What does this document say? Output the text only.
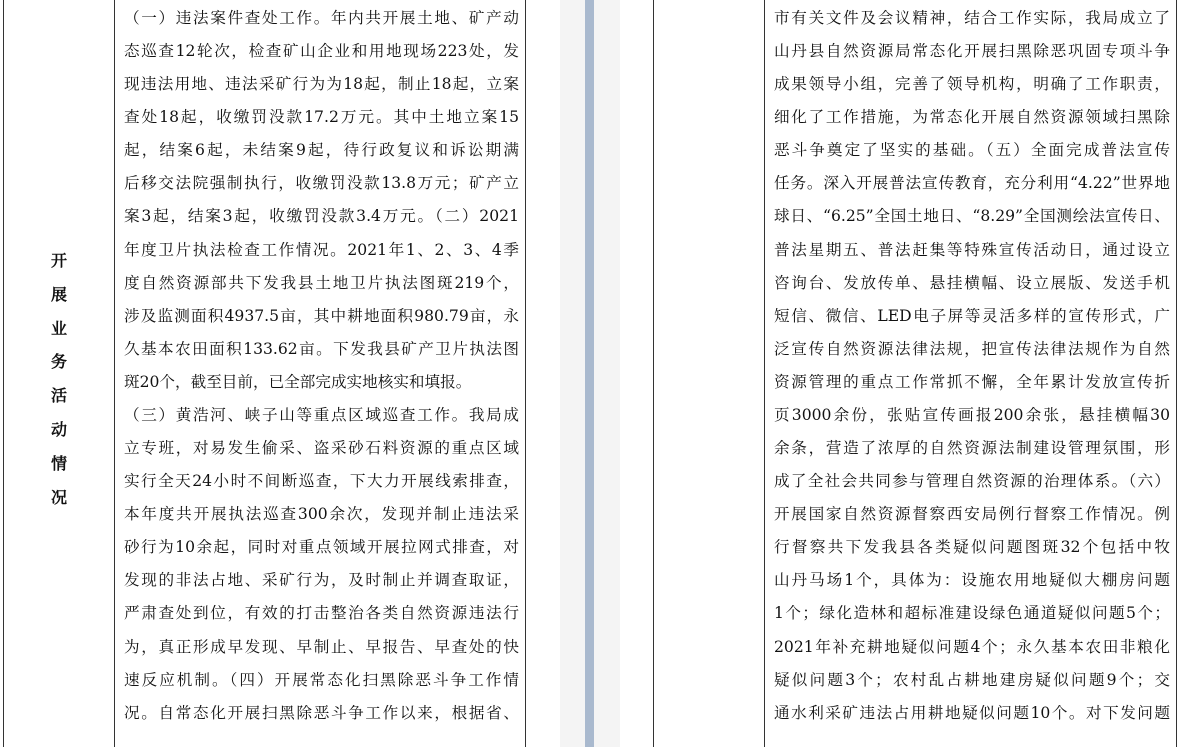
开
展
业
务
活
动
情
况
（一）违法案件查处工作。年内共开展土地、矿产动
态巡查12轮次，检查矿山企业和用地现场223处，发
现违法用地、违法采矿行为为18起，制止18起，立案
查处18起，收缴罚没款17.2万元。其中土地立案15
起，结案6起，未结案9起，待行政复议和诉讼期满
后移交法院强制执行，收缴罚没款13.8万元；矿产立
案3起，结案3起，收缴罚没款3.4万元。（二）2021
年度卫片执法检查工作情况。2021年1、2、3、4季
度自然资源部共下发我县土地卫片执法图斑219个，
涉及监测面积4937.5亩，其中耕地面积980.79亩，永
久基本农田面积133.62亩。下发我县矿产卫片执法图
斑20个，截至目前，已全部完成实地核实和填报。
（三）黄浩河、峡子山等重点区域巡查工作。我局成
立专班，对易发生偷采、盗采砂石料资源的重点区域
实行全天24小时不间断巡查，下大力开展线索排查，
本年度共开展执法巡查300余次，发现并制止违法采
砂行为10余起，同时对重点领域开展拉网式排查，对
发现的非法占地、采矿行为，及时制止并调查取证，
严肃查处到位，有效的打击整治各类自然资源违法行
为，真正形成早发现、早制止、早报告、早查处的快
速反应机制。（四）开展常态化扫黑除恶斗争工作情
况。自常态化开展扫黑除恶斗争工作以来，根据省、
市有关文件及会议精神，结合工作实际，我局成立了
山丹县自然资源局常态化开展扫黑除恶巩固专项斗争
成果领导小组，完善了领导机构，明确了工作职责，
细化了工作措施，为常态化开展自然资源领域扫黑除
恶斗争奠定了坚实的基础。（五）全面完成普法宣传
任务。深入开展普法宣传教育，充分利用“4.22”世界地
球日、“6.25”全国土地日、“8.29”全国测绘法宣传日、
普法星期五、普法赶集等特殊宣传活动日，通过设立
咨询台、发放传单、悬挂横幅、设立展版、发送手机
短信、微信、LED电子屏等灵活多样的宣传形式，广
泛宣传自然资源法律法规，把宣传法律法规作为自然
资源管理的重点工作常抓不懈，全年累计发放宣传折
页3000余份，张贴宣传画报200余张，悬挂横幅30
余条，营造了浓厚的自然资源法制建设管理氛围，形
成了全社会共同参与管理自然资源的治理体系。（六）
开展国家自然资源督察西安局例行督察工作情况。例
行督察共下发我县各类疑似问题图斑32个包括中牧
山丹马场1个，具体为：设施农用地疑似大棚房问题
1个；绿化造林和超标准建设绿色通道疑似问题5个；
2021年补充耕地疑似问题4个；永久基本农田非粮化
疑似问题3个；农村乱占耕地建房疑似问题9个；交
通水利采矿违法占用耕地疑似问题10个。对下发问题
